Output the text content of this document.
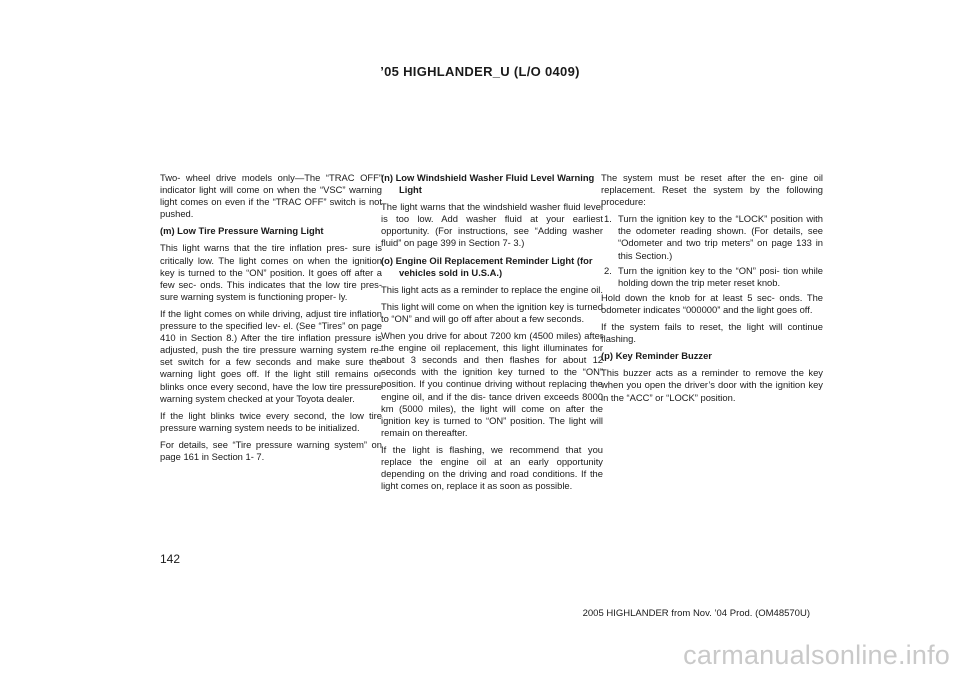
’05 HIGHLANDER_U (L/O 0409)

Two- wheel drive models only—The “TRAC OFF” indicator light will come on when the “VSC” warning light comes on even if the “TRAC OFF” switch is not pushed.

(m) Low Tire Pressure Warning Light

This light warns that the tire inflation pres- sure is critically low. The light comes on when the ignition key is turned to the “ON” position. It goes off after a few sec- onds. This indicates that the low tire pres- sure warning system is functioning proper- ly.

If the light comes on while driving, adjust tire inflation pressure to the specified lev- el. (See “Tires” on page 410 in Section 8.) After the tire inflation pressure is adjusted, push the tire pressure warning system re- set switch for a few seconds and make sure the warning light goes off. If the light still remains or blinks once every second, have the low tire pressure warning system checked at your Toyota dealer.

If the light blinks twice every second, the low tire pressure warning system needs to be initialized.

For details, see “Tire pressure warning system” on page 161 in Section 1- 7.

(n) Low Windshield Washer Fluid Level Warning Light

The light warns that the windshield washer fluid level is too low. Add washer fluid at your earliest opportunity. (For instructions, see “Adding washer fluid” on page 399 in Section 7- 3.)

(o) Engine Oil Replacement Reminder Light (for vehicles sold in U.S.A.)

This light acts as a reminder to replace the engine oil.

This light will come on when the ignition key is turned to “ON” and will go off after about a few seconds.

When you drive for about 7200 km (4500 miles) after the engine oil replacement, this light illuminates for about 3 seconds and then flashes for about 12 seconds with the ignition key turned to the “ON” position. If you continue driving without replacing the engine oil, and if the dis- tance driven exceeds 8000 km (5000 miles), the light will come on after the ignition key is turned to “ON” position. The light will remain on thereafter.

If the light is flashing, we recommend that you replace the engine oil at an early opportunity depending on the driving and road conditions. If the light comes on, replace it as soon as possible.

The system must be reset after the en- gine oil replacement. Reset the system by the following procedure:

1. Turn the ignition key to the “LOCK” position with the odometer reading shown. (For details, see “Odometer and two trip meters” on page 133 in this Section.)
2. Turn the ignition key to the “ON” posi- tion while holding down the trip meter reset knob.

Hold down the knob for at least 5 sec- onds. The odometer indicates “000000” and the light goes off.

If the system fails to reset, the light will continue flashing.

(p) Key Reminder Buzzer

This buzzer acts as a reminder to remove the key when you open the driver’s door with the ignition key in the “ACC” or “LOCK” position.

142
2005 HIGHLANDER from Nov. ’04 Prod. (OM48570U)
carmanualsonline.info
